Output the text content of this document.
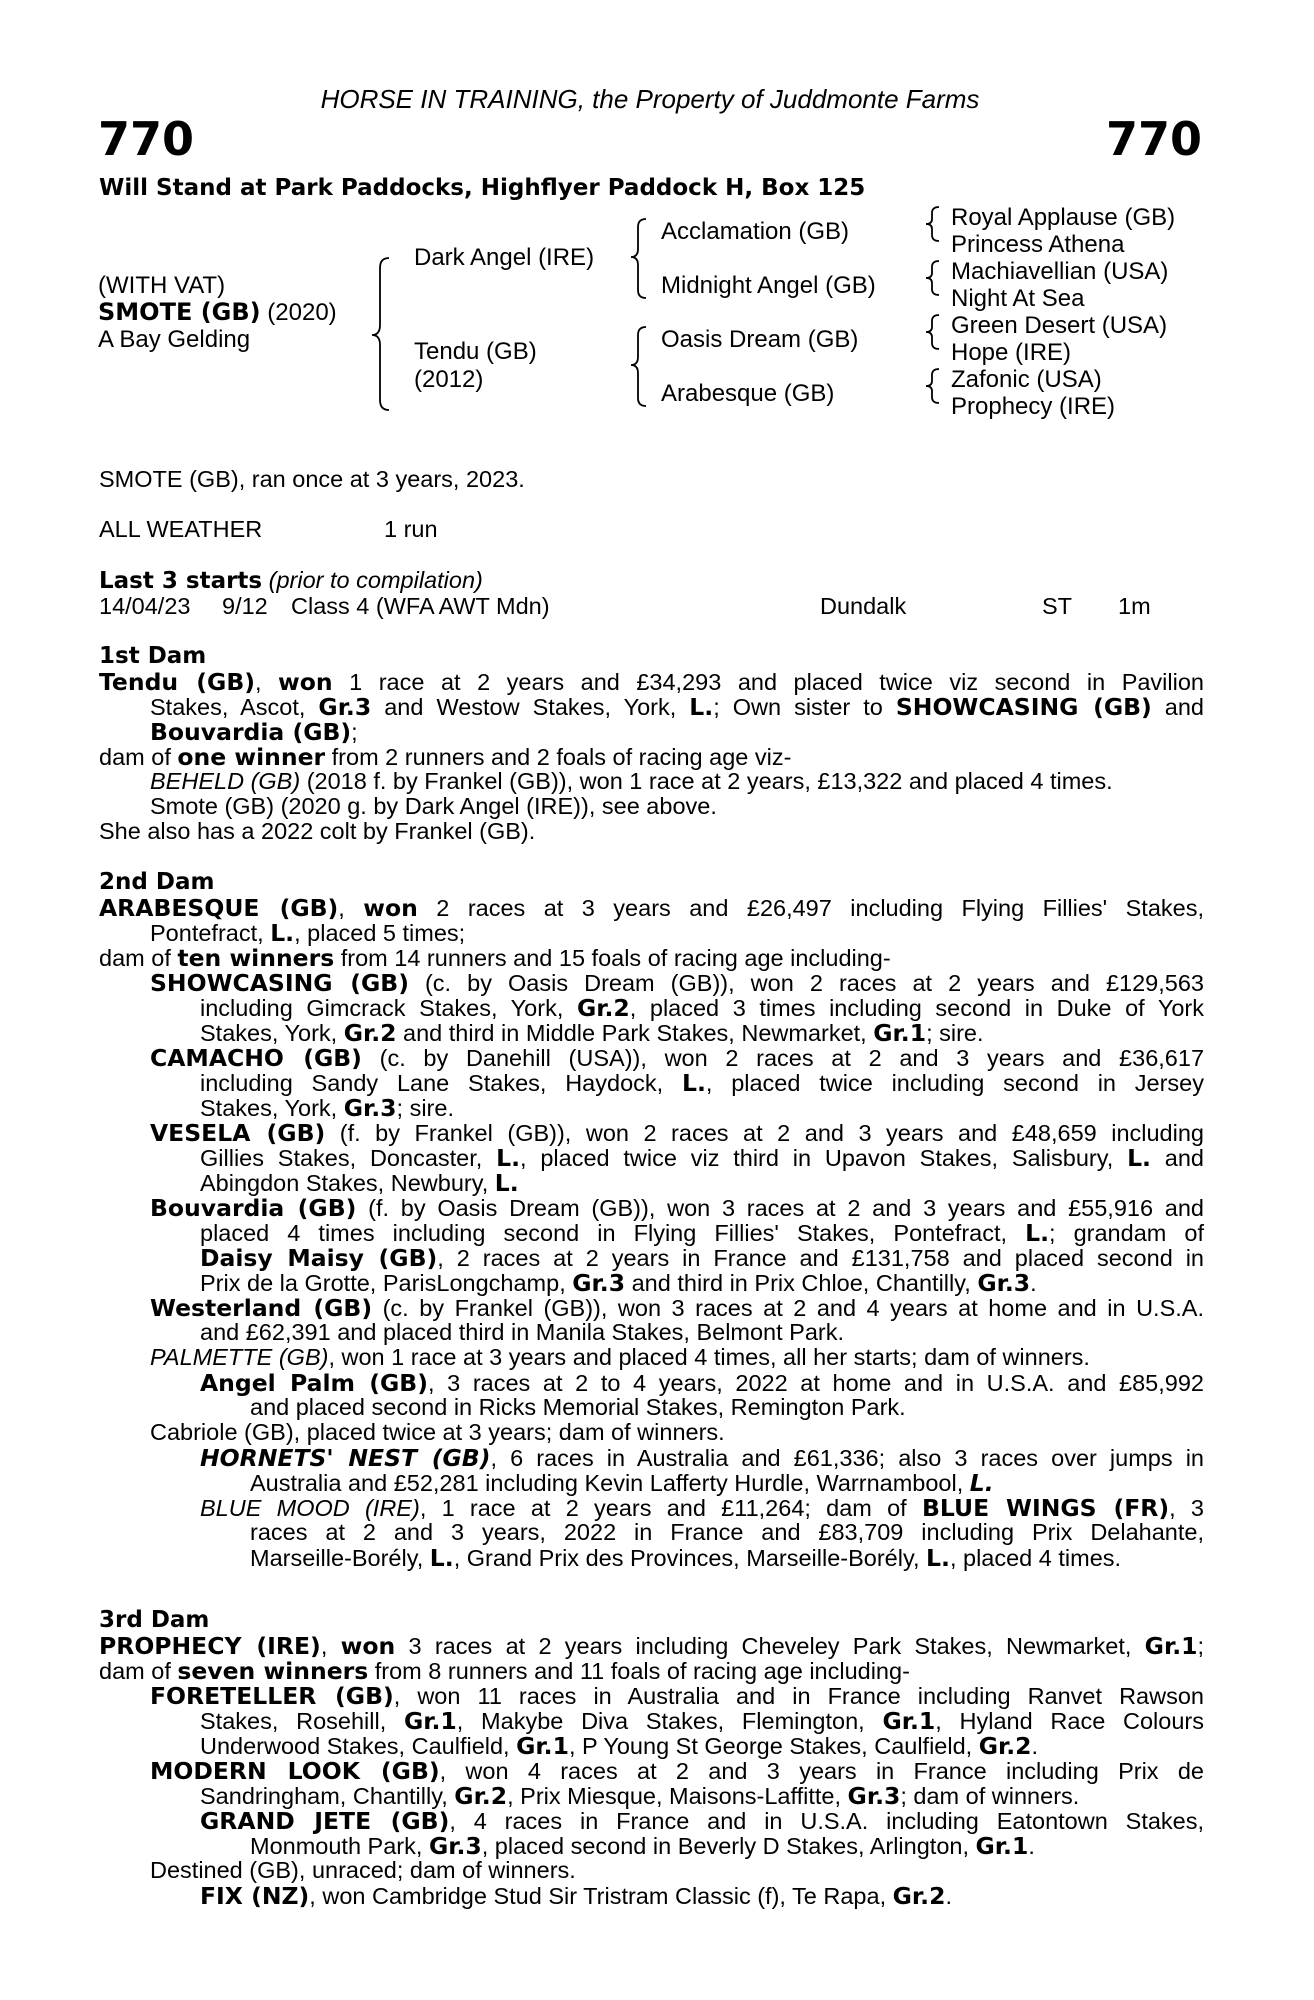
HORSE IN TRAINING, the Property of Juddmonte Farms
770	770
Will Stand at Park Paddocks, Highflyer Paddock H, Box 125
(WITH VAT)
SMOTE (GB) (2020)
A Bay Gelding
Dark Angel (IRE)
Tendu (GB)
(2012)
Acclamation (GB)
Midnight Angel (GB)
Oasis Dream (GB)
Arabesque (GB)
Royal Applause (GB)
Princess Athena
Machiavellian (USA)
Night At Sea
Green Desert (USA)
Hope (IRE)
Zafonic (USA)
Prophecy (IRE)
SMOTE (GB), ran once at 3 years, 2023.
ALL WEATHER	1 run
Last 3 starts (prior to compilation)
14/04/23 9/12 Class 4 (WFA AWT Mdn)	Dundalk	ST 1m
1st Dam
Tendu (GB), won 1 race at 2 years and £34,293 and placed twice viz second in Pavilion
Stakes, Ascot, Gr.3 and Westow Stakes, York, L.; Own sister to SHOWCASING (GB) and
Bouvardia (GB);
dam of one winner from 2 runners and 2 foals of racing age viz-
BEHELD (GB) (2018 f. by Frankel (GB)), won 1 race at 2 years, £13,322 and placed 4 times.
Smote (GB) (2020 g. by Dark Angel (IRE)), see above.
She also has a 2022 colt by Frankel (GB).
2nd Dam
ARABESQUE (GB), won 2 races at 3 years and £26,497 including Flying Fillies' Stakes,
Pontefract, L., placed 5 times;
dam of ten winners from 14 runners and 15 foals of racing age including-
SHOWCASING (GB) (c. by Oasis Dream (GB)), won 2 races at 2 years and £129,563
including Gimcrack Stakes, York, Gr.2, placed 3 times including second in Duke of York
Stakes, York, Gr.2 and third in Middle Park Stakes, Newmarket, Gr.1; sire.
CAMACHO (GB) (c. by Danehill (USA)), won 2 races at 2 and 3 years and £36,617
including Sandy Lane Stakes, Haydock, L., placed twice including second in Jersey
Stakes, York, Gr.3; sire.
VESELA (GB) (f. by Frankel (GB)), won 2 races at 2 and 3 years and £48,659 including
Gillies Stakes, Doncaster, L., placed twice viz third in Upavon Stakes, Salisbury, L. and
Abingdon Stakes, Newbury, L.
Bouvardia (GB) (f. by Oasis Dream (GB)), won 3 races at 2 and 3 years and £55,916 and
placed 4 times including second in Flying Fillies' Stakes, Pontefract, L.; grandam of
Daisy Maisy (GB), 2 races at 2 years in France and £131,758 and placed second in
Prix de la Grotte, ParisLongchamp, Gr.3 and third in Prix Chloe, Chantilly, Gr.3.
Westerland (GB) (c. by Frankel (GB)), won 3 races at 2 and 4 years at home and in U.S.A.
and £62,391 and placed third in Manila Stakes, Belmont Park.
PALMETTE (GB), won 1 race at 3 years and placed 4 times, all her starts; dam of winners.
Angel Palm (GB), 3 races at 2 to 4 years, 2022 at home and in U.S.A. and £85,992
and placed second in Ricks Memorial Stakes, Remington Park.
Cabriole (GB), placed twice at 3 years; dam of winners.
HORNETS' NEST (GB), 6 races in Australia and £61,336; also 3 races over jumps in
Australia and £52,281 including Kevin Lafferty Hurdle, Warrnambool, L.
BLUE MOOD (IRE), 1 race at 2 years and £11,264; dam of BLUE WINGS (FR), 3
races at 2 and 3 years, 2022 in France and £83,709 including Prix Delahante,
Marseille-Borély, L., Grand Prix des Provinces, Marseille-Borély, L., placed 4 times.
3rd Dam
PROPHECY (IRE), won 3 races at 2 years including Cheveley Park Stakes, Newmarket, Gr.1;
dam of seven winners from 8 runners and 11 foals of racing age including-
FORETELLER (GB), won 11 races in Australia and in France including Ranvet Rawson
Stakes, Rosehill, Gr.1, Makybe Diva Stakes, Flemington, Gr.1, Hyland Race Colours
Underwood Stakes, Caulfield, Gr.1, P Young St George Stakes, Caulfield, Gr.2.
MODERN LOOK (GB), won 4 races at 2 and 3 years in France including Prix de
Sandringham, Chantilly, Gr.2, Prix Miesque, Maisons-Laffitte, Gr.3; dam of winners.
GRAND JETE (GB), 4 races in France and in U.S.A. including Eatontown Stakes,
Monmouth Park, Gr.3, placed second in Beverly D Stakes, Arlington, Gr.1.
Destined (GB), unraced; dam of winners.
FIX (NZ), won Cambridge Stud Sir Tristram Classic (f), Te Rapa, Gr.2.
